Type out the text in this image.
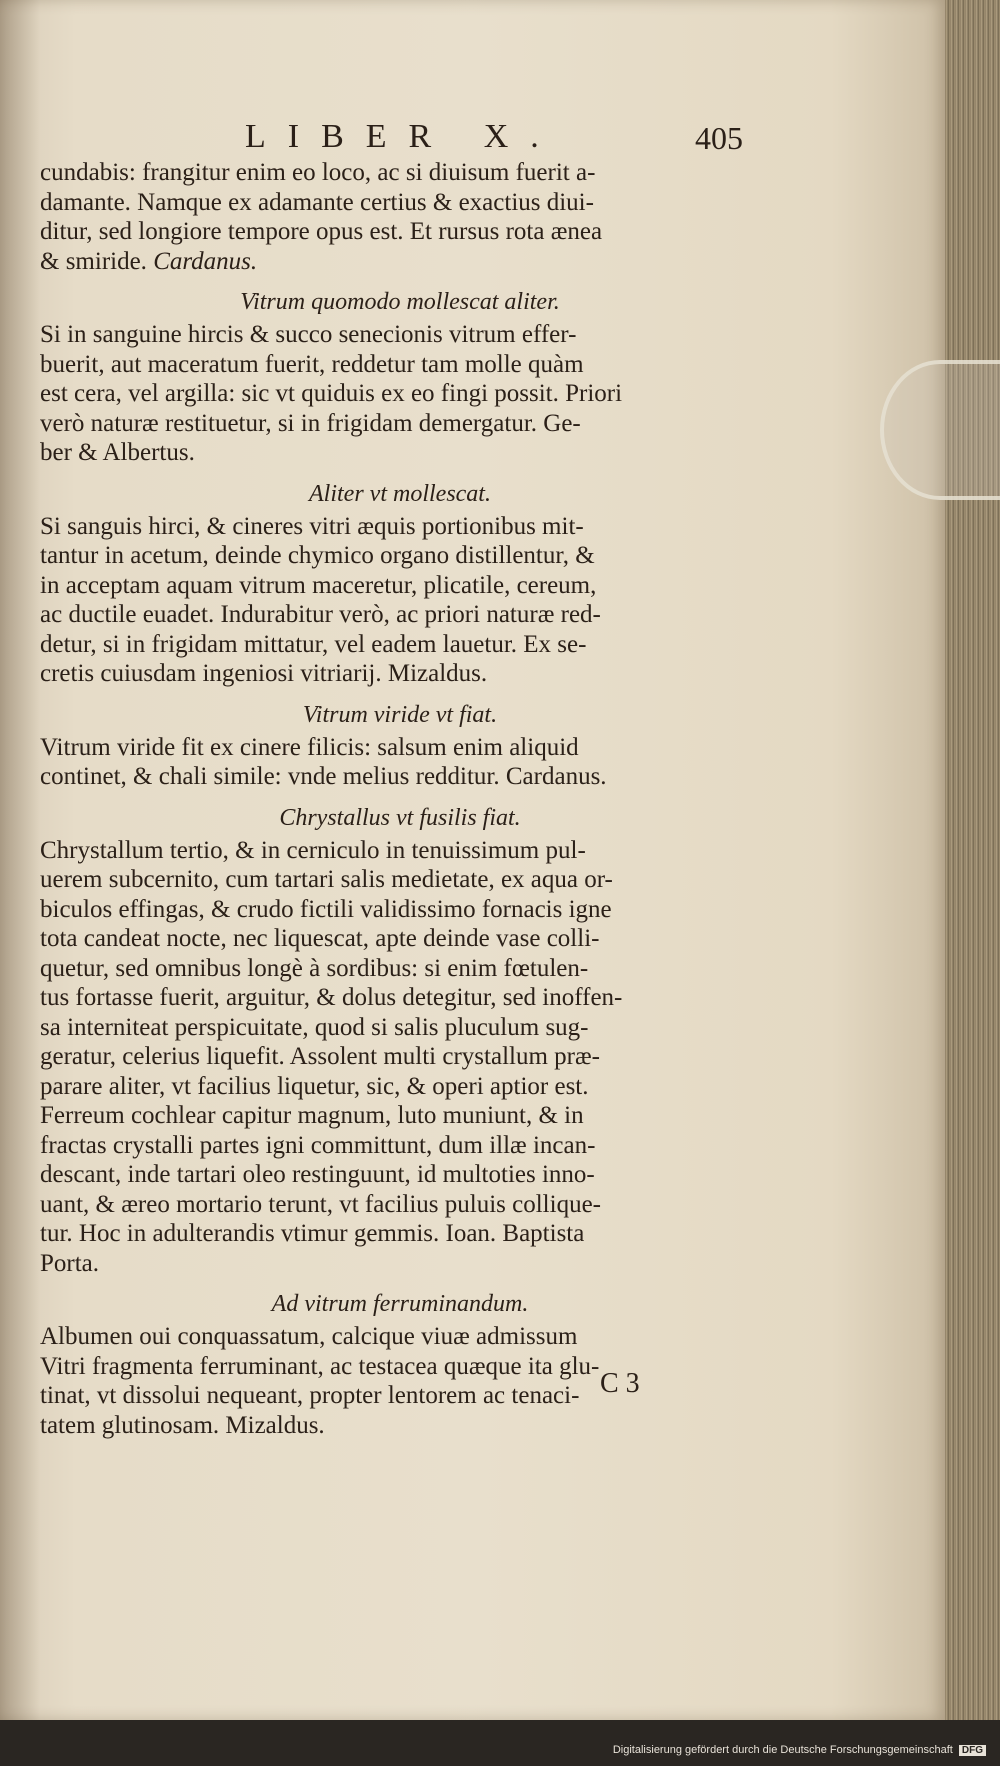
LIBER X.	405

cundabis: frangitur enim eo loco, ac si diuisum fuerit a-

damante. Namque ex adamante certius & exactius diui-

ditur, sed longiore tempore opus est. Et rursus rota ænea

& smiride. Cardanus.

Vitrum quomodo mollescat aliter.

Si in sanguine hircis & succo senecionis vitrum effer-

buerit, aut maceratum fuerit, reddetur tam molle quàm

est cera, vel argilla: sic vt quiduis ex eo fingi possit. Priori

verò naturæ restituetur, si in frigidam demergatur. Ge-

ber & Albertus.

Aliter vt mollescat.

Si sanguis hirci, & cineres vitri æquis portionibus mit-

tantur in acetum, deinde chymico organo distillentur, &

in acceptam aquam vitrum maceretur, plicatile, cereum,

ac ductile euadet. Indurabitur verò, ac priori naturæ red-

detur, si in frigidam mittatur, vel eadem lauetur. Ex se-

cretis cuiusdam ingeniosi vitriarij. Mizaldus.

Vitrum viride vt fiat.

Vitrum viride fit ex cinere filicis: salsum enim aliquid

continet, & chali simile: vnde melius redditur. Cardanus.

Chrystallus vt fusilis fiat.

Chrystallum tertio, & in cerniculo in tenuissimum pul-

uerem subcernito, cum tartari salis medietate, ex aqua or-

biculos effingas, & crudo fictili validissimo fornacis igne

tota candeat nocte, nec liquescat, apte deinde vase colli-

quetur, sed omnibus longè à sordibus: si enim fœtulen-

tus fortasse fuerit, arguitur, & dolus detegitur, sed inoffen-

sa interniteat perspicuitate, quod si salis pluculum sug-

geratur, celerius liquefit. Assolent multi crystallum præ-

parare aliter, vt facilius liquetur, sic, & operi aptior est.

Ferreum cochlear capitur magnum, luto muniunt, & in

fractas crystalli partes igni committunt, dum illæ incan-

descant, inde tartari oleo restinguunt, id multoties inno-

uant, & æreo mortario terunt, vt facilius puluis collique-

tur. Hoc in adulterandis vtimur gemmis. Ioan. Baptista

Porta.

Ad vitrum ferruminandum.

Albumen oui conquassatum, calcique viuæ admissum

Vitri fragmenta ferruminant, ac testacea quæque ita glu-

tinat, vt dissolui nequeant, propter lentorem ac tenaci-

tatem glutinosam. Mizaldus.

C 3
Digitalisierung gefördert durch die Deutsche Forschungsgemeinschaft DFG
